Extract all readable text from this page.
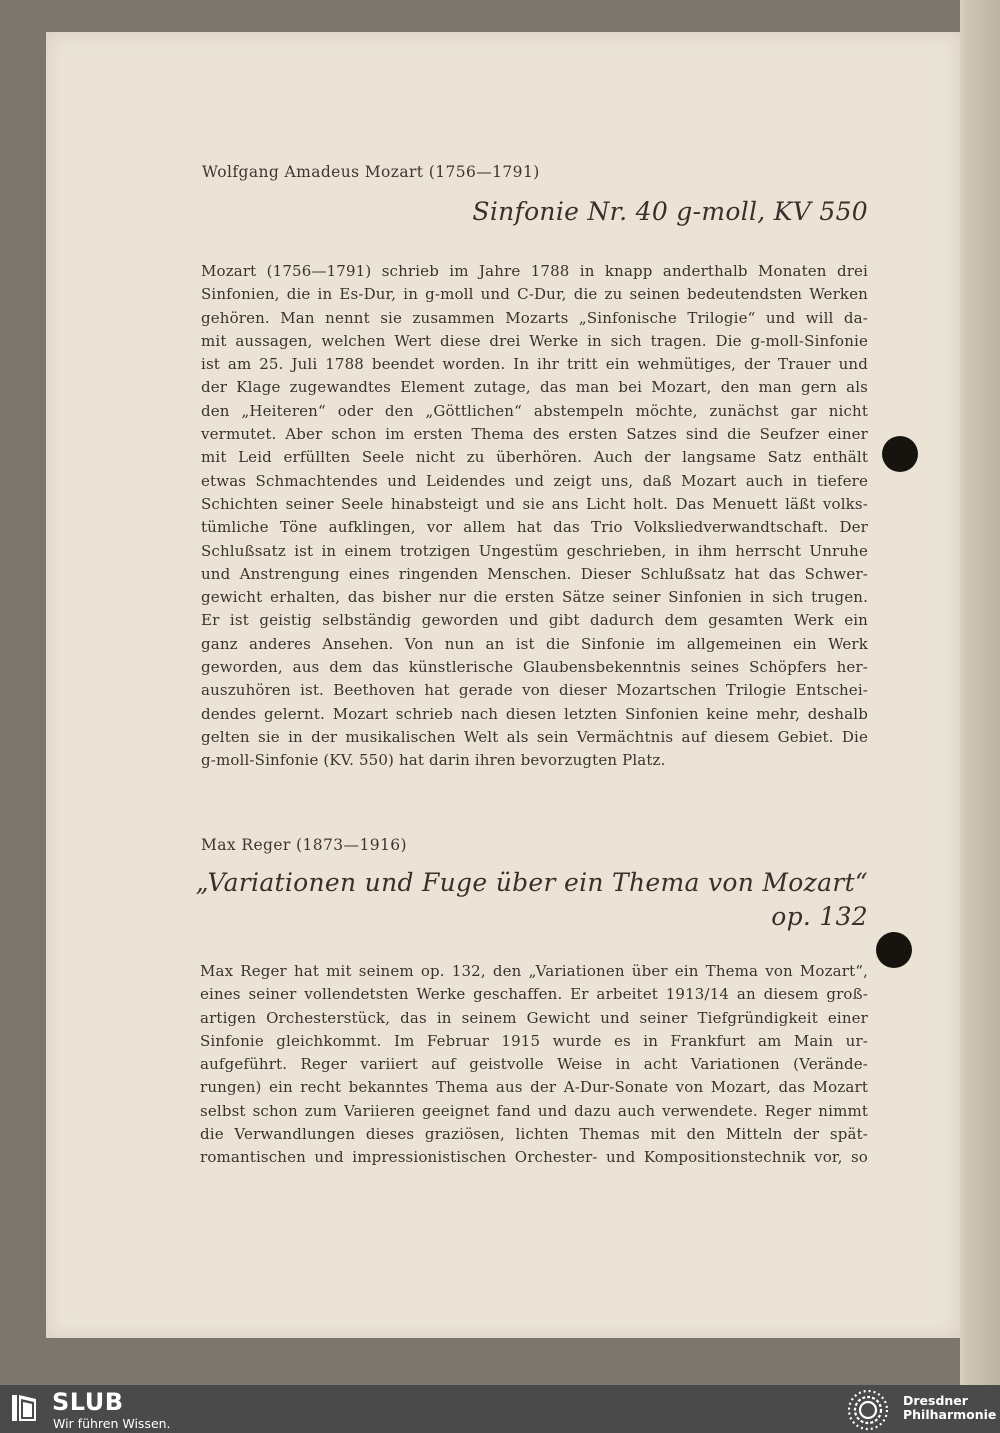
Wolfgang Amadeus Mozart (1756—1791)
Sinfonie Nr. 40 g-moll, KV 550
Mozart (1756—1791) schrieb im Jahre 1788 in knapp anderthalb Monaten drei
Sinfonien, die in Es-Dur, in g-moll und C-Dur, die zu seinen bedeutendsten Werken
gehören. Man nennt sie zusammen Mozarts „Sinfonische Trilogie“ und will da-
mit aussagen, welchen Wert diese drei Werke in sich tragen. Die g-moll-Sinfonie
ist am 25. Juli 1788 beendet worden. In ihr tritt ein wehmütiges, der Trauer und
der Klage zugewandtes Element zutage, das man bei Mozart, den man gern als
den „Heiteren“ oder den „Göttlichen“ abstempeln möchte, zunächst gar nicht
vermutet. Aber schon im ersten Thema des ersten Satzes sind die Seufzer einer
mit Leid erfüllten Seele nicht zu überhören. Auch der langsame Satz enthält
etwas Schmachtendes und Leidendes und zeigt uns, daß Mozart auch in tiefere
Schichten seiner Seele hinabsteigt und sie ans Licht holt. Das Menuett läßt volks-
tümliche Töne aufklingen, vor allem hat das Trio Volksliedverwandtschaft. Der
Schlußsatz ist in einem trotzigen Ungestüm geschrieben, in ihm herrscht Unruhe
und Anstrengung eines ringenden Menschen. Dieser Schlußsatz hat das Schwer-
gewicht erhalten, das bisher nur die ersten Sätze seiner Sinfonien in sich trugen.
Er ist geistig selbständig geworden und gibt dadurch dem gesamten Werk ein
ganz anderes Ansehen. Von nun an ist die Sinfonie im allgemeinen ein Werk
geworden, aus dem das künstlerische Glaubensbekenntnis seines Schöpfers her-
auszuhören ist. Beethoven hat gerade von dieser Mozartschen Trilogie Entschei-
dendes gelernt. Mozart schrieb nach diesen letzten Sinfonien keine mehr, deshalb
gelten sie in der musikalischen Welt als sein Vermächtnis auf diesem Gebiet. Die
g-moll-Sinfonie (KV. 550) hat darin ihren bevorzugten Platz.
Max Reger (1873—1916)
„Variationen und Fuge über ein Thema von Mozart“
op. 132
Max Reger hat mit seinem op. 132, den „Variationen über ein Thema von Mozart“,
eines seiner vollendetsten Werke geschaffen. Er arbeitet 1913/14 an diesem groß-
artigen Orchesterstück, das in seinem Gewicht und seiner Tiefgründigkeit einer
Sinfonie gleichkommt. Im Februar 1915 wurde es in Frankfurt am Main ur-
aufgeführt. Reger variiert auf geistvolle Weise in acht Variationen (Verände-
rungen) ein recht bekanntes Thema aus der A-Dur-Sonate von Mozart, das Mozart
selbst schon zum Variieren geeignet fand und dazu auch verwendete. Reger nimmt
die Verwandlungen dieses graziösen, lichten Themas mit den Mitteln der spät-
romantischen und impressionistischen Orchester- und Kompositionstechnik vor, so
SLUB
Wir führen Wissen.
Dresdner
Philharmonie
